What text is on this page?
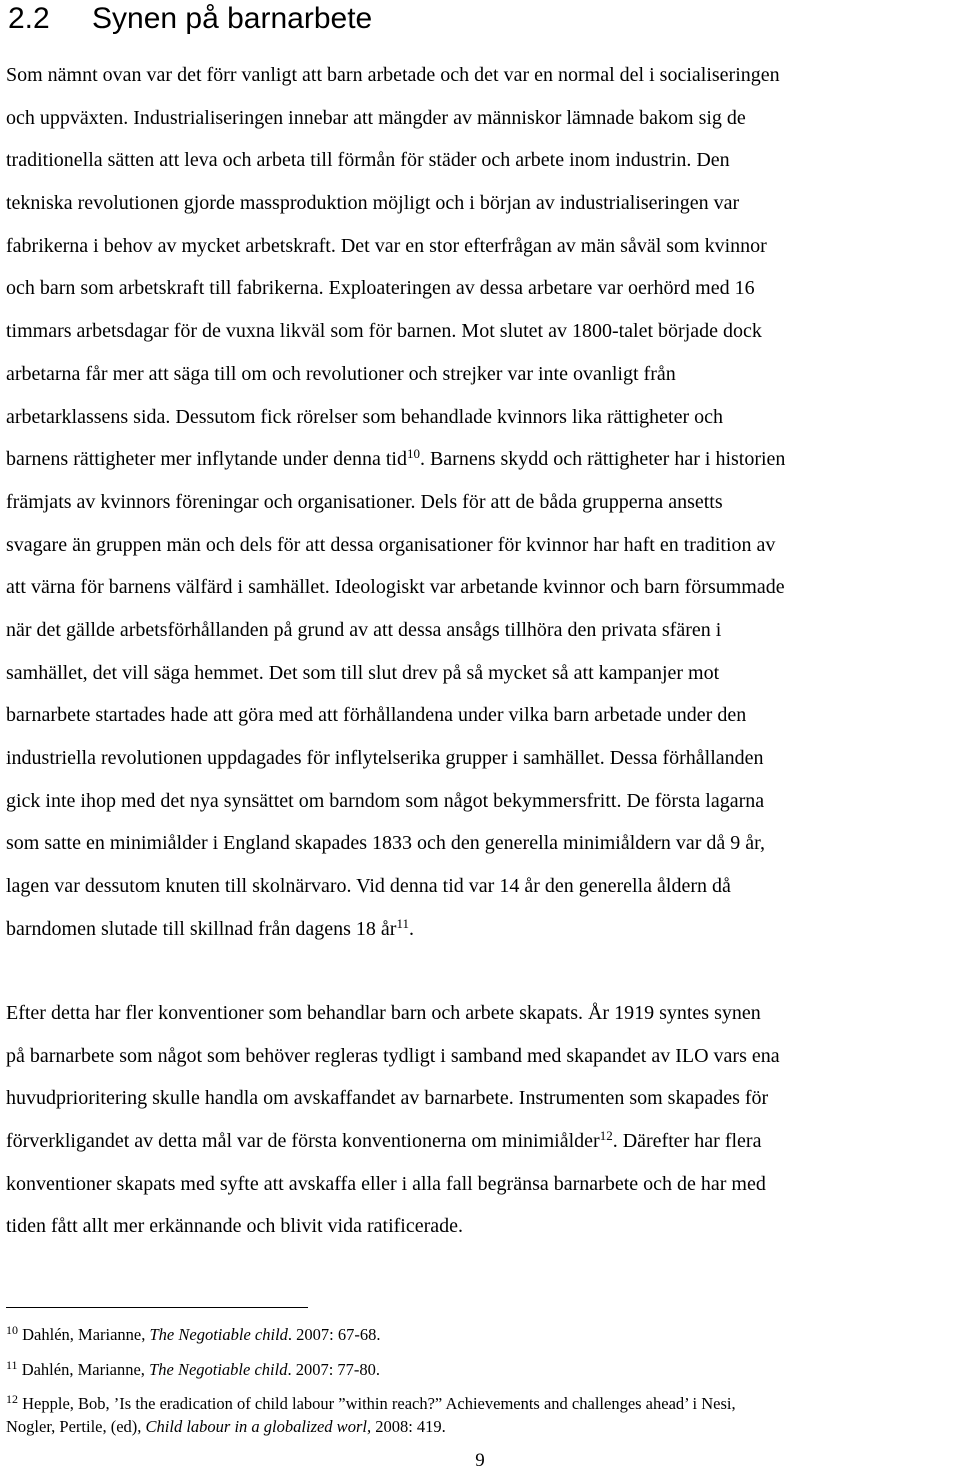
2.2 Synen på barnarbete
Som nämnt ovan var det förr vanligt att barn arbetade och det var en normal del i socialiseringen
och uppväxten. Industrialiseringen innebar att mängder av människor lämnade bakom sig de
traditionella sätten att leva och arbeta till förmån för städer och arbete inom industrin. Den
tekniska revolutionen gjorde massproduktion möjligt och i början av industrialiseringen var
fabrikerna i behov av mycket arbetskraft. Det var en stor efterfrågan av män såväl som kvinnor
och barn som arbetskraft till fabrikerna. Exploateringen av dessa arbetare var oerhörd med 16
timmars arbetsdagar för de vuxna likväl som för barnen. Mot slutet av 1800-talet började dock
arbetarna får mer att säga till om och revolutioner och strejker var inte ovanligt från
arbetarklassens sida. Dessutom fick rörelser som behandlade kvinnors lika rättigheter och
barnens rättigheter mer inflytande under denna tid$^{10}$. Barnens skydd och rättigheter har i historien
främjats av kvinnors föreningar och organisationer. Dels för att de båda grupperna ansetts
svagare än gruppen män och dels för att dessa organisationer för kvinnor har haft en tradition av
att värna för barnens välfärd i samhället. Ideologiskt var arbetande kvinnor och barn försummade
när det gällde arbetsförhållanden på grund av att dessa ansågs tillhöra den privata sfären i
samhället, det vill säga hemmet. Det som till slut drev på så mycket så att kampanjer mot
barnarbete startades hade att göra med att förhållandena under vilka barn arbetade under den
industriella revolutionen uppdagades för inflytelserika grupper i samhället. Dessa förhållanden
gick inte ihop med det nya synsättet om barndom som något bekymmersfritt. De första lagarna
som satte en minimiålder i England skapades 1833 och den generella minimiåldern var då 9 år,
lagen var dessutom knuten till skolnärvaro. Vid denna tid var 14 år den generella åldern då
barndomen slutade till skillnad från dagens 18 $år^{11}$.
Efter detta har fler konventioner som behandlar barn och arbete skapats. År 1919 syntes synen
på barnarbete som något som behöver regleras tydligt i samband med skapandet av ILO vars ena
huvudprioritering skulle handla om avskaffandet av barnarbete. Instrumenten som skapades för
förverkligandet av detta mål var de första konventionerna om minimiålder$^{12}$. Därefter har flera
konventioner skapats med syfte att avskaffa eller i alla fall begränsa barnarbete och de har med
tiden fått allt mer erkännande och blivit vida ratificerade.
$^{10}$ Dahlén, Marianne, The Negotiable child. 2007: 67-68.
$^{11}$ Dahlén, Marianne, The Negotiable child. 2007: 77-80.
$^{12}$ Hepple, Bob, ’Is the eradication of child labour ”within reach?” Achievements and challenges ahead’ i Nesi,
Nogler, Pertile, (ed), Child labour in a globalized worl, 2008: 419.
9
